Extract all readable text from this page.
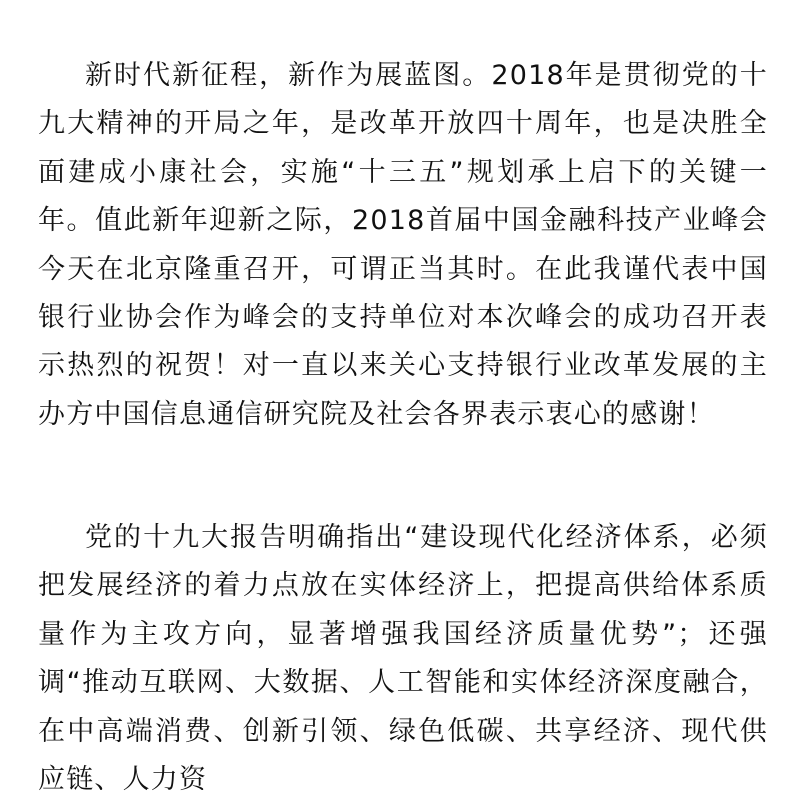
新时代新征程，新作为展蓝图。2018年是贯彻党的十九大精神的开局之年，是改革开放四十周年，也是决胜全面建成小康社会，实施“十三五”规划承上启下的关键一年。值此新年迎新之际，2018首届中国金融科技产业峰会今天在北京隆重召开，可谓正当其时。在此我谨代表中国银行业协会作为峰会的支持单位对本次峰会的成功召开表示热烈的祝贺！对一直以来关心支持银行业改革发展的主办方中国信息通信研究院及社会各界表示衷心的感谢！

党的十九大报告明确指出“建设现代化经济体系，必须把发展经济的着力点放在实体经济上，把提高供给体系质量作为主攻方向，显著增强我国经济质量优势”；还强调“推动互联网、大数据、人工智能和实体经济深度融合，在中高端消费、创新引领、绿色低碳、共享经济、现代供应链、人力资
